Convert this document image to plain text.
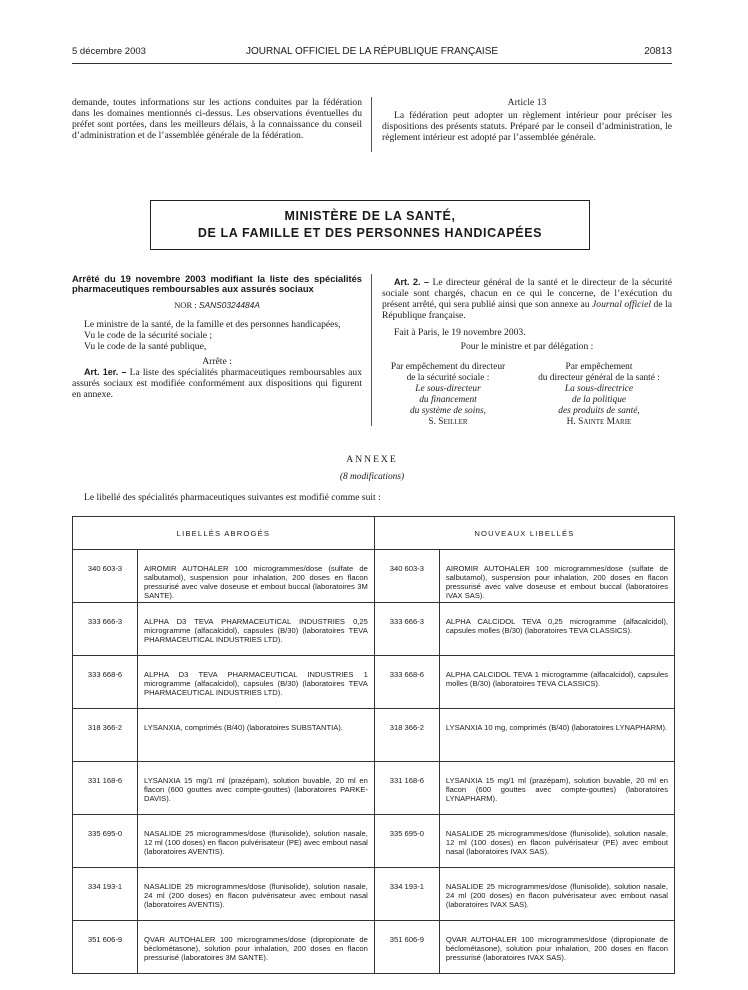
5 décembre 2003	JOURNAL OFFICIEL DE LA RÉPUBLIQUE FRANÇAISE	20813

demande, toutes informations sur les actions conduites par la fédération dans les domaines mentionnés ci-dessus. Les observations éventuelles du préfet sont portées, dans les meilleurs délais, à la connaissance du conseil d’administration et de l’assemblée générale de la fédération.

Article 13

La fédération peut adopter un règlement intérieur pour préciser les dispositions des présents statuts. Préparé par le conseil d’administration, le règlement intérieur est adopté par l’assemblée générale.

MINISTÈRE DE LA SANTÉ,
DE LA FAMILLE ET DES PERSONNES HANDICAPÉES

Arrêté du 19 novembre 2003 modifiant la liste des spécialités pharmaceutiques remboursables aux assurés sociaux

NOR : SANS0324484A

Le ministre de la santé, de la famille et des personnes handicapées,

Vu le code de la sécurité sociale ;

Vu le code de la santé publique,

Arrête :

Art. 1er. – La liste des spécialités pharmaceutiques remboursables aux assurés sociaux est modifiée conformément aux dispositions qui figurent en annexe.

Art. 2. – Le directeur général de la santé et le directeur de la sécurité sociale sont chargés, chacun en ce qui le concerne, de l’exécution du présent arrêté, qui sera publié ainsi que son annexe au Journal officiel de la République française.

Fait à Paris, le 19 novembre 2003.

Pour le ministre et par délégation :

Par empêchement du directeur
de la sécurité sociale :
Le sous-directeur
du financement
du système de soins,
S. Seiller
Par empêchement
du directeur général de la santé :
La sous-directrice
de la politique
des produits de santé,
H. Sainte Marie
ANNEXE
(8 modifications)
Le libellé des spécialités pharmaceutiques suivantes est modifié comme suit :
LIBELLÉS ABROGÉS		NOUVEAUX LIBELLÉS	
340 603-3	AIROMIR AUTOHALER 100 microgrammes/dose (sulfate de salbutamol), suspension pour inhalation, 200 doses en flacon pressurisé avec valve doseuse et embout buccal (laboratoires 3M SANTE).	340 603-3	AIROMIR AUTOHALER 100 microgrammes/dose (sulfate de salbutamol), suspension pour inhalation, 200 doses en flacon pressurisé avec valve doseuse et embout buccal (laboratoires IVAX SAS).
333 666-3	ALPHA D3 TEVA PHARMACEUTICAL INDUSTRIES 0,25 microgramme (alfacalcidol), capsules (B/30) (laboratoires TEVA PHARMACEUTICAL INDUSTRIES LTD).	333 666-3	ALPHA CALCIDOL TEVA 0,25 microgramme (alfacalcidol), capsules molles (B/30) (laboratoires TEVA CLASSICS).
333 668-6	ALPHA D3 TEVA PHARMACEUTICAL INDUSTRIES 1 microgramme (alfacalcidol), capsules (B/30) (laboratoires TEVA PHARMACEUTICAL INDUSTRIES LTD).	333 668-6	ALPHA CALCIDOL TEVA 1 microgramme (alfacalcidol), capsules molles (B/30) (laboratoires TEVA CLASSICS).
318 366-2	LYSANXIA, comprimés (B/40) (laboratoires SUBSTANTIA).	318 366-2	LYSANXIA 10 mg, comprimés (B/40) (laboratoires LYNAPHARM).
331 168-6	LYSANXIA 15 mg/1 ml (prazépam), solution buvable, 20 ml en flacon (600 gouttes avec compte-gouttes) (laboratoires PARKE-DAVIS).	331 168-6	LYSANXIA 15 mg/1 ml (prazépam), solution buvable, 20 ml en flacon (600 gouttes avec compte-gouttes) (laboratoires LYNAPHARM).
335 695-0	NASALIDE 25 microgrammes/dose (flunisolide), solution nasale, 12 ml (100 doses) en flacon pulvérisateur (PE) avec embout nasal (laboratoires AVENTIS).	335 695-0	NASALIDE 25 microgrammes/dose (flunisolide), solution nasale, 12 ml (100 doses) en flacon pulvérisateur (PE) avec embout nasal (laboratoires IVAX SAS).
334 193-1	NASALIDE 25 microgrammes/dose (flunisolide), solution nasale, 24 ml (200 doses) en flacon pulvérisateur avec embout nasal (laboratoires AVENTIS).	334 193-1	NASALIDE 25 microgrammes/dose (flunisolide), solution nasale, 24 ml (200 doses) en flacon pulvérisateur avec embout nasal (laboratoires IVAX SAS).
351 606-9	QVAR AUTOHALER 100 microgrammes/dose (dipropionate de béclométasone), solution pour inhalation, 200 doses en flacon pressurisé (laboratoires 3M SANTE).	351 606-9	QVAR AUTOHALER 100 microgrammes/dose (dipropionate de béclométasone), solution pour inhalation, 200 doses en flacon pressurisé (laboratoires IVAX SAS).
